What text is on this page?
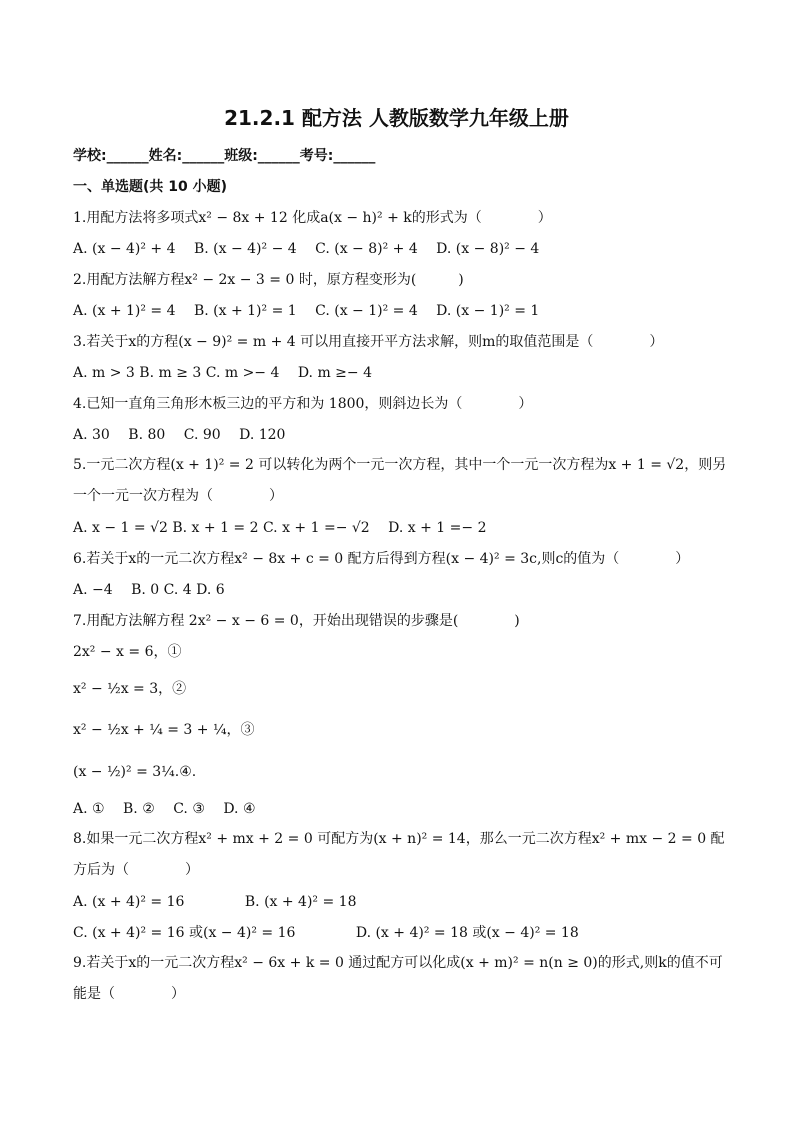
21.2.1 配方法 人教版数学九年级上册
学校:______姓名:______班级:______考号:______
一、单选题(共 10 小题)
1.用配方法将多项式x² − 8x + 12 化成a(x − h)² + k的形式为（　　　　）
A. (x − 4)² + 4　 B. (x − 4)² − 4　 C. (x − 8)² + 4　 D. (x − 8)² − 4
2.用配方法解方程x² − 2x − 3 = 0 时，原方程变形为(　　　)
A. (x + 1)² = 4　 B. (x + 1)² = 1　 C. (x − 1)² = 4　 D. (x − 1)² = 1
3.若关于x的方程(x − 9)² = m + 4 可以用直接开平方法求解，则m的取值范围是（　　　　）
A. m > 3 B. m ≥ 3 C. m >− 4　 D. m ≥− 4
4.已知一直角三角形木板三边的平方和为 1800，则斜边长为（　　　　）
A. 30　 B. 80　 C. 90　 D. 120
5.一元二次方程(x + 1)² = 2 可以转化为两个一元一次方程，其中一个一元一次方程为x + 1 = √2，则另一个一元一次方程为（　　　　）
A. x − 1 = √2 B. x + 1 = 2 C. x + 1 =− √2　 D. x + 1 =− 2
6.若关于x的一元二次方程x² − 8x + c = 0 配方后得到方程(x − 4)² = 3c,则c的值为（　　　　）
A. −4　 B. 0 C. 4 D. 6
7.用配方法解方程 2x² − x − 6 = 0，开始出现错误的步骤是(　　　　)
2x² − x = 6，①
x² − ½x = 3，②
x² − ½x + ¼ = 3 + ¼，③
(x − ½)² = 3¼.④.
A. ①　 B. ②　 C. ③　 D. ④
8.如果一元二次方程x² + mx + 2 = 0 可配方为(x + n)² = 14，那么一元二次方程x² + mx − 2 = 0 配方后为（　　　　）
A. (x + 4)² = 16　　　　 B. (x + 4)² = 18
C. (x + 4)² = 16 或(x − 4)² = 16　　　　 D. (x + 4)² = 18 或(x − 4)² = 18
9.若关于x的一元二次方程x² − 6x + k = 0 通过配方可以化成(x + m)² = n(n ≥ 0)的形式,则k的值不可能是（　　　　）
